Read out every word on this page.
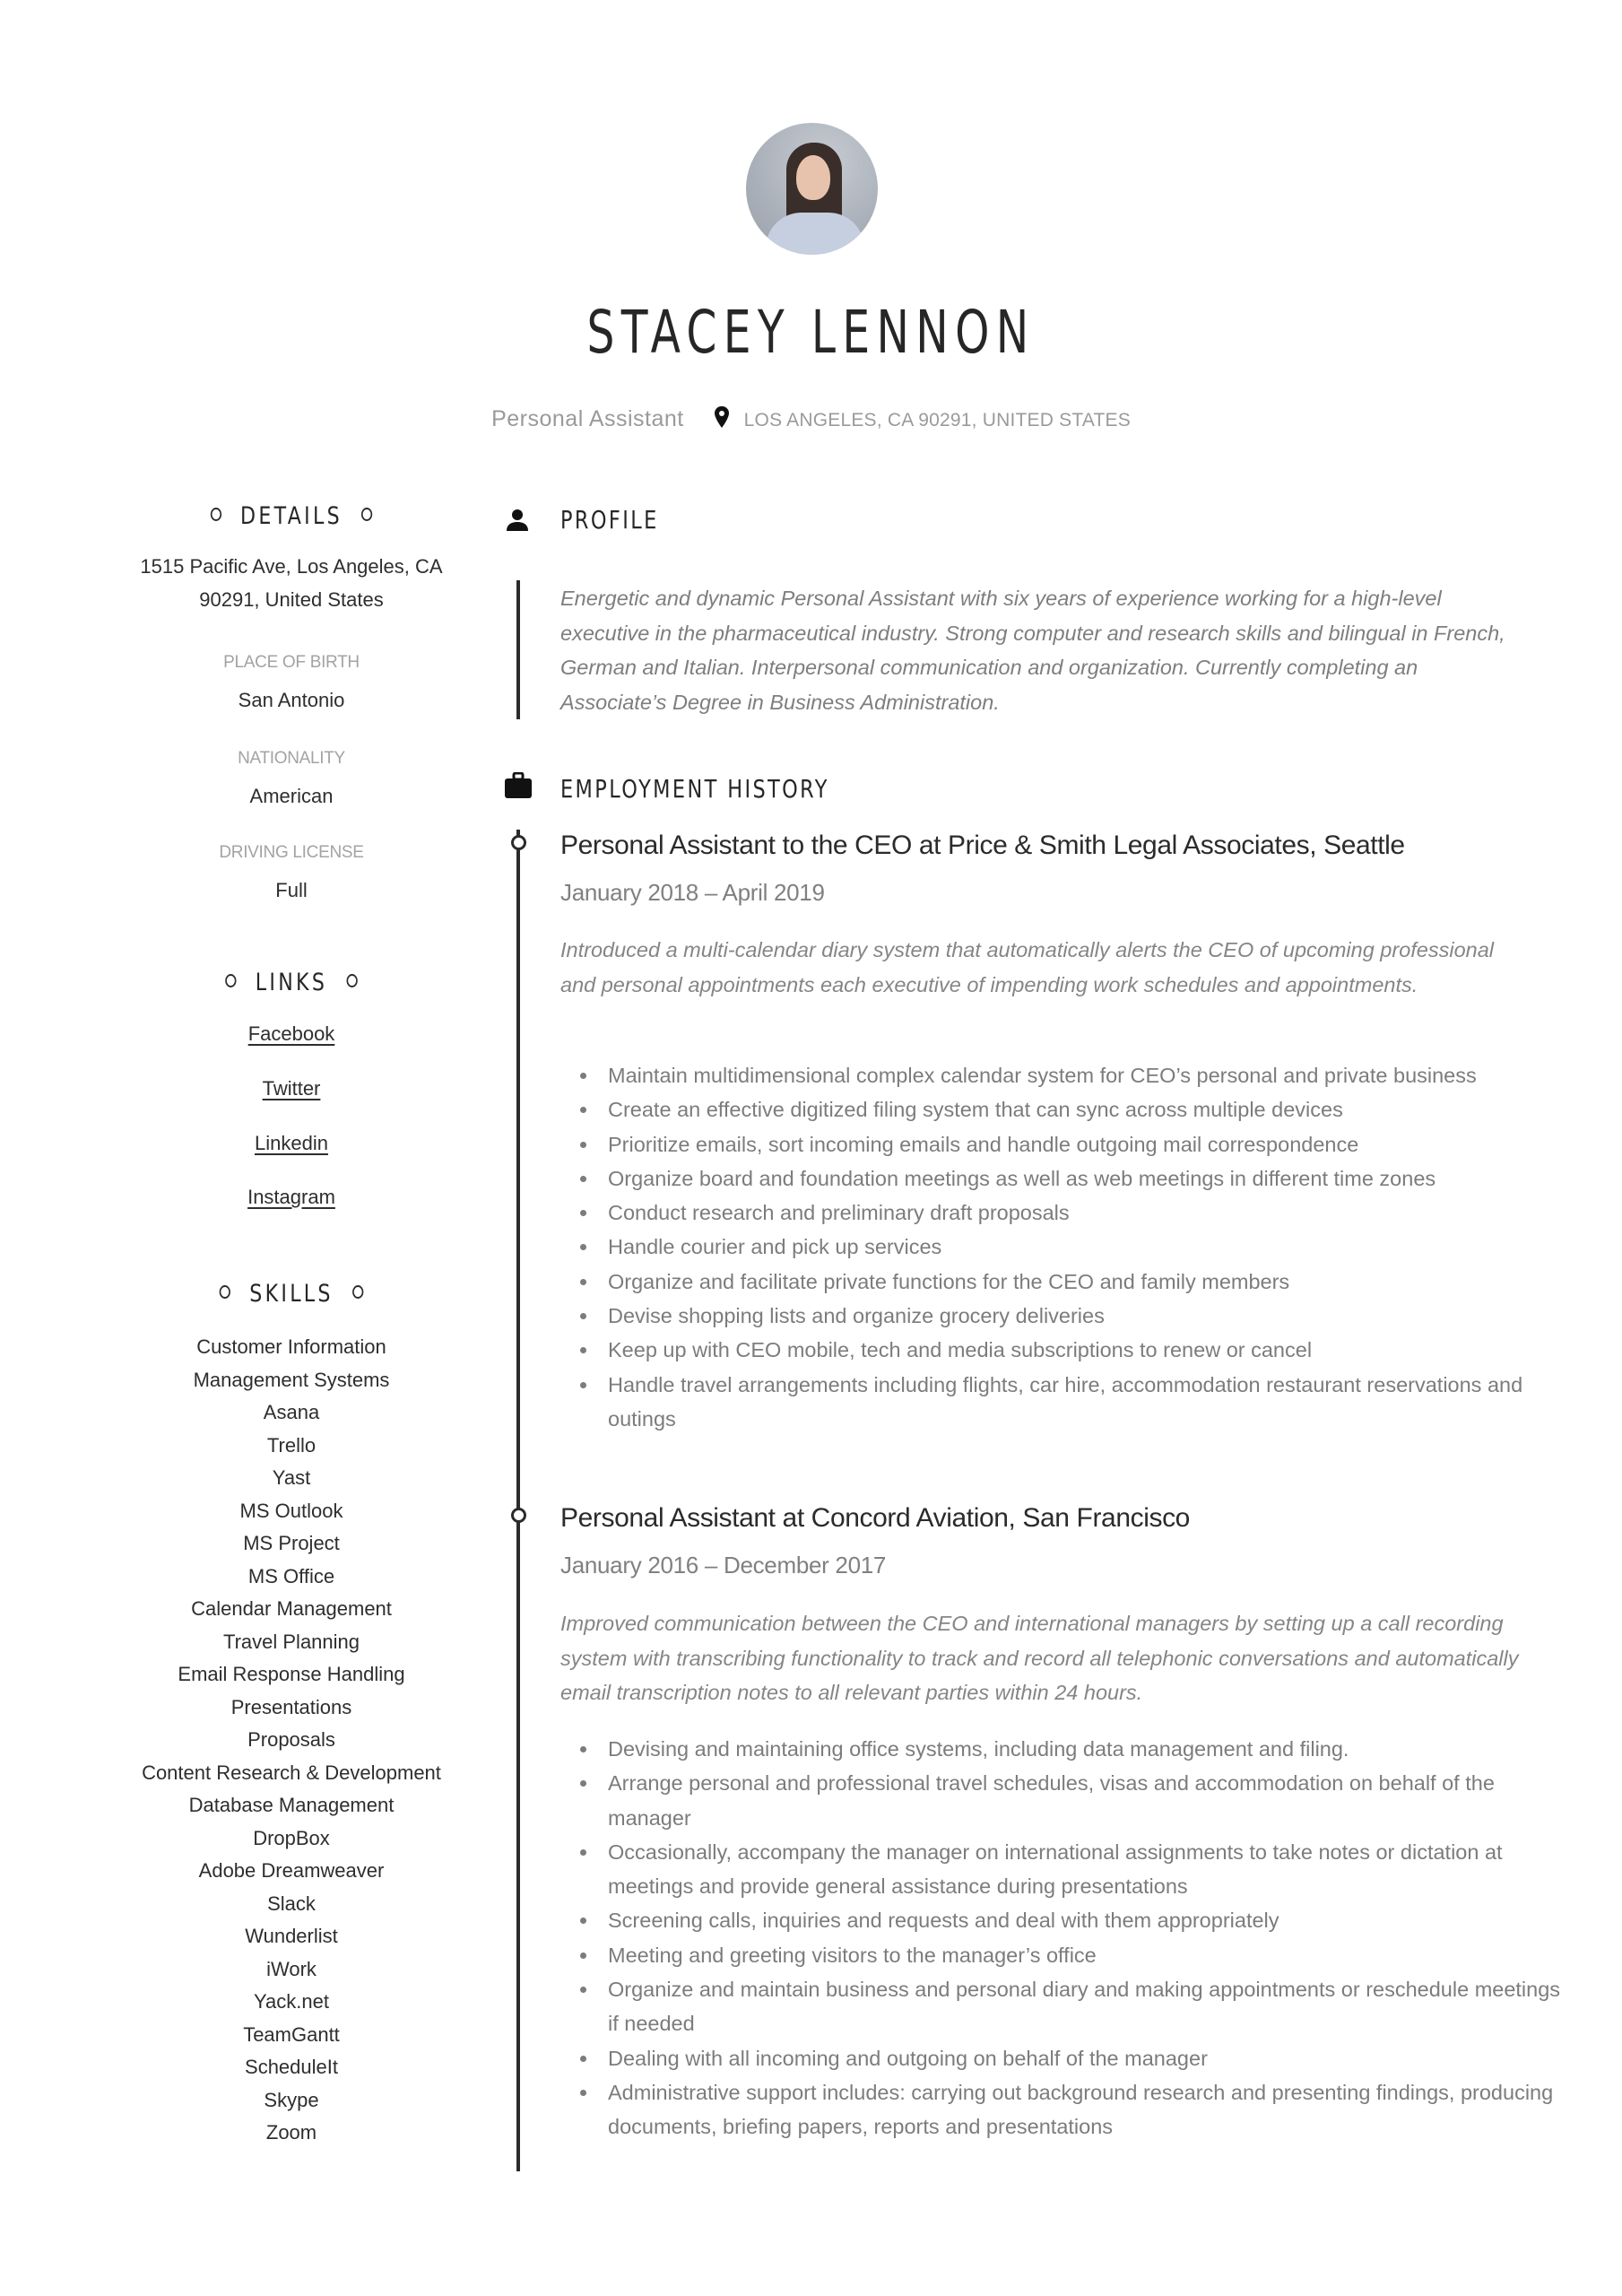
STACEY LENNON
Personal Assistant	LOS ANGELES, CA 90291, UNITED STATES
DETAILS
1515 Pacific Ave, Los Angeles, CA
90291, United States
PLACE OF BIRTH
San Antonio
NATIONALITY
American
DRIVING LICENSE
Full
LINKS
Facebook
Twitter
Linkedin
Instagram
SKILLS
Customer Information
Management Systems
Asana
Trello
Yast
MS Outlook
MS Project
MS Office
Calendar Management
Travel Planning
Email Response Handling
Presentations
Proposals
Content Research & Development
Database Management
DropBox
Adobe Dreamweaver
Slack
Wunderlist
iWork
Yack.net
TeamGantt
ScheduleIt
Skype
Zoom
PROFILE
Energetic and dynamic Personal Assistant with six years of experience working for a high-level executive in the pharmaceutical industry. Strong computer and research skills and bilingual in French, German and Italian. Interpersonal communication and organization. Currently completing an Associate’s Degree in Business Administration.
EMPLOYMENT HISTORY
Personal Assistant to the CEO at Price & Smith Legal Associates, Seattle
January 2018 – April 2019
Introduced a multi-calendar diary system that automatically alerts the CEO of upcoming professional and personal appointments each executive of impending work schedules and appointments.
Maintain multidimensional complex calendar system for CEO’s personal and private business
Create an effective digitized filing system that can sync across multiple devices
Prioritize emails, sort incoming emails and handle outgoing mail correspondence
Organize board and foundation meetings as well as web meetings in different time zones
Conduct research and preliminary draft proposals
Handle courier and pick up services
Organize and facilitate private functions for the CEO and family members
Devise shopping lists and organize grocery deliveries
Keep up with CEO mobile, tech and media subscriptions to renew or cancel
Handle travel arrangements including flights, car hire, accommodation restaurant reservations and outings
Personal Assistant at Concord Aviation, San Francisco
January 2016 – December 2017
Improved communication between the CEO and international managers by setting up a call recording system with transcribing functionality to track and record all telephonic conversations and automatically email transcription notes to all relevant parties within 24 hours.
Devising and maintaining office systems, including data management and filing.
Arrange personal and professional travel schedules, visas and accommodation on behalf of the manager
Occasionally, accompany the manager on international assignments to take notes or dictation at meetings and provide general assistance during presentations
Screening calls, inquiries and requests and deal with them appropriately
Meeting and greeting visitors to the manager’s office
Organize and maintain business and personal diary and making appointments or reschedule meetings if needed
Dealing with all incoming and outgoing on behalf of the manager
Administrative support includes: carrying out background research and presenting findings, producing documents, briefing papers, reports and presentations
